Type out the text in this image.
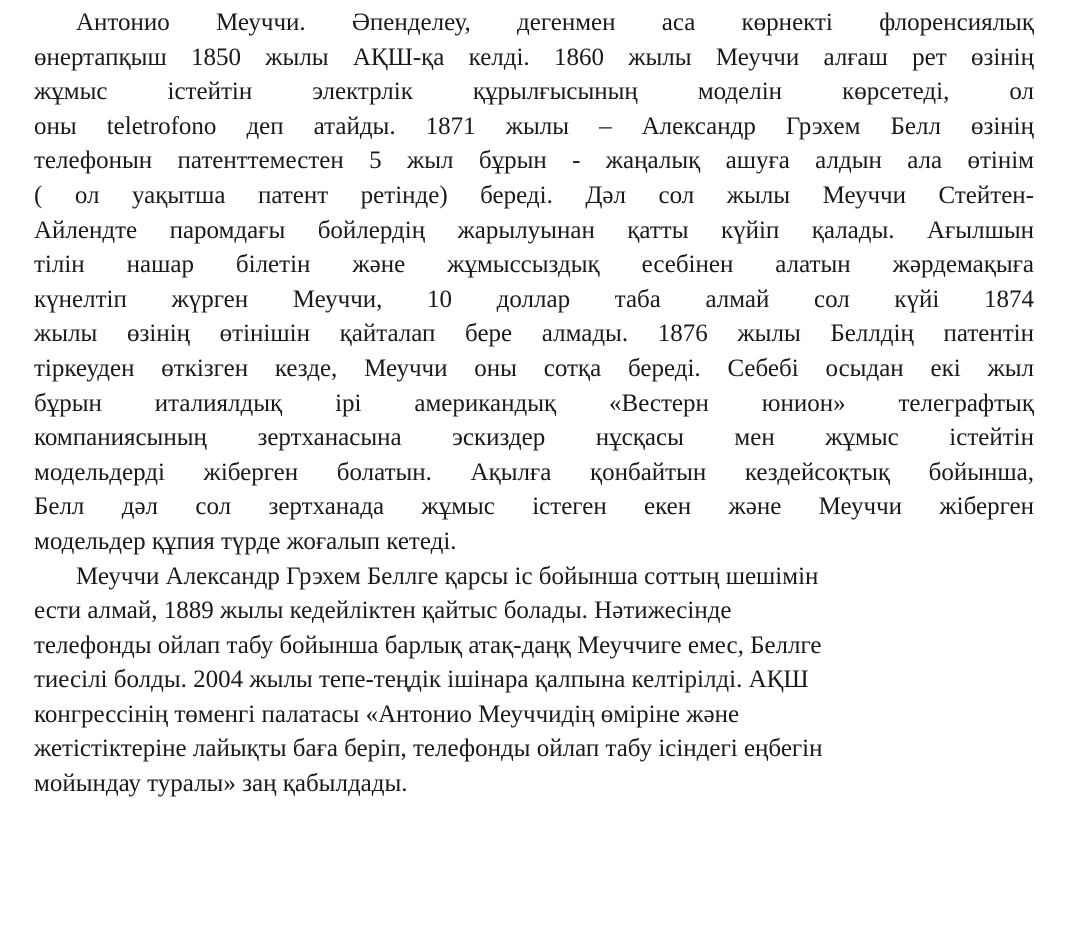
Антонио Меуччи. Әпенделеу, дегенмен аса көрнекті флоренсиялық
өнертапқыш 1850 жылы АҚШ-қа келді. 1860 жылы Меуччи алғаш рет өзінің
жұмыс істейтін электрлік құрылғысының моделін көрсетеді, ол
оны teletrofono деп атайды. 1871 жылы – Александр Грэхем Белл өзінің
телефонын патенттеместен 5 жыл бұрын - жаңалық ашуға алдын ала өтінім
( ол уақытша патент ретінде) береді. Дәл сол жылы Меуччи Стейтен-
Айлендте паромдағы бойлердің жарылуынан қатты күйіп қалады. Ағылшын
тілін нашар білетін және жұмыссыздық есебінен алатын жәрдемақыға
күнелтіп жүрген Меуччи, 10 доллар таба алмай сол күйі 1874
жылы өзінің өтінішін қайталап бере алмады. 1876 жылы Беллдің патентін
тіркеуден өткізген кезде, Меуччи оны сотқа береді. Себебі осыдан екі жыл
бұрын италиялдық ірі американдық «Вестерн юнион» телеграфтық
компаниясының зертханасына эскиздер нұсқасы мен жұмыс істейтін
модельдерді жіберген болатын. Ақылға қонбайтын кездейсоқтық бойынша,
Белл дәл сол зертханада жұмыс істеген екен және Меуччи жіберген
модельдер құпия түрде жоғалып кетеді.
Меуччи Александр Грэхем Беллге қарсы іс бойынша соттың шешімін
ести алмай, 1889 жылы кедейліктен қайтыс болады. Нәтижесінде
телефонды ойлап табу бойынша барлық атақ-даңқ Меуччиге емес, Беллге
тиесілі болды. 2004 жылы тепе-теңдік ішінара қалпына келтірілді. АҚШ
конгрессінің төменгі палатасы «Антонио Меуччидің өміріне және
жетістіктеріне лайықты баға беріп, телефонды ойлап табу ісіндегі еңбегін
мойындау туралы» заң қабылдады.
